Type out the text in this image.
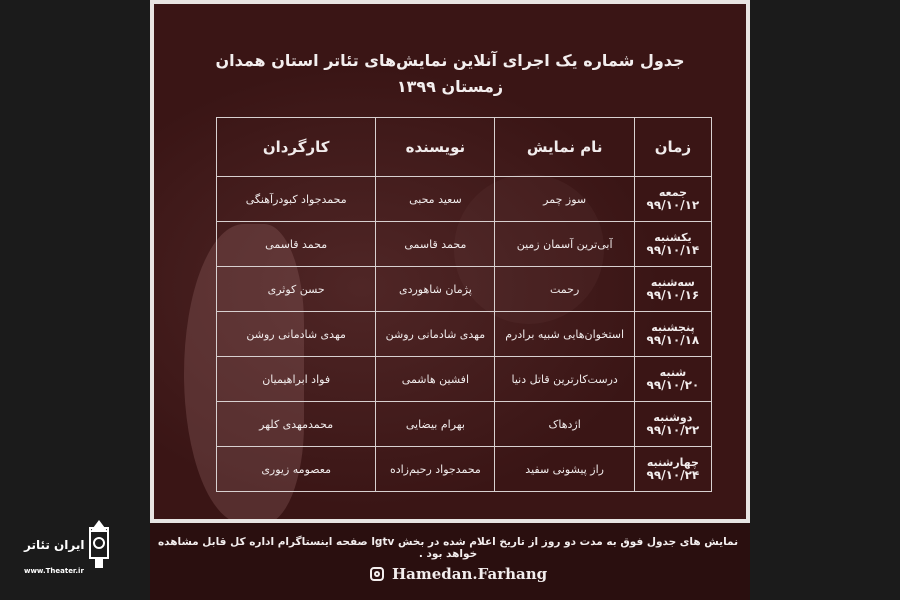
جدول شماره یک اجرای آنلاین نمایش‌های تئاتر استان همدان
زمستان ۱۳۹۹
زمان	نام نمایش	نویسنده	کارگردان

جمعه
۹۹/۱۰/۱۲	سوز چمر	سعید محبی	محمدجواد کبودرآهنگی

یکشنبه
۹۹/۱۰/۱۴	آبی‌ترین آسمان زمین	محمد قاسمی	محمد قاسمی

سه‌شنبه
۹۹/۱۰/۱۶	رحمت	پژمان شاهوردی	حسن کوثری

پنجشنبه
۹۹/۱۰/۱۸	استخوان‌هایی شبیه برادرم	مهدی شادمانی روشن	مهدی شادمانی روشن

شنبه
۹۹/۱۰/۲۰	درست‌کارترین قاتل دنیا	افشین هاشمی	فواد ابراهیمیان

دوشنبه
۹۹/۱۰/۲۲	اژدهاک	بهرام بیضایی	محمدمهدی کلهر

چهارشنبه
۹۹/۱۰/۲۴	راز پیشونی سفید	محمدجواد رحیم‌زاده	معصومه زیوری
نمایش های جدول فوق به مدت دو روز از تاریخ اعلام شده در بخش lgtv صفحه اینستاگرام اداره کل قابل مشاهده خواهد بود .
Hamedan.Farhang
ایران تئاتر
www.Theater.ir
